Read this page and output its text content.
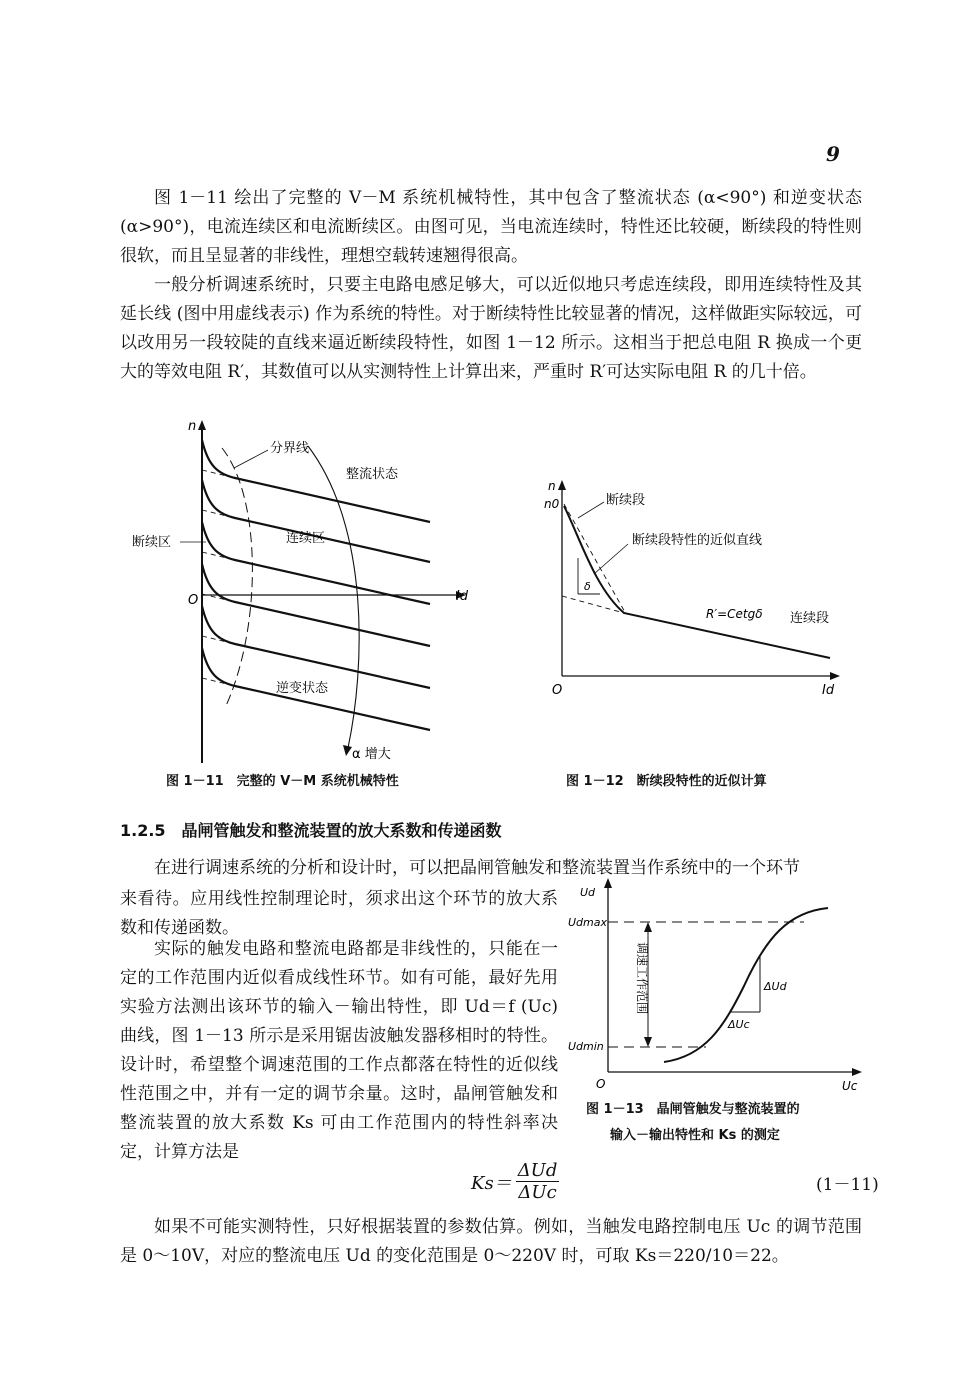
9

图 1－11 绘出了完整的 V－M 系统机械特性，其中包含了整流状态 (α<90°) 和逆变状态 (α>90°)，电流连续区和电流断续区。由图可见，当电流连续时，特性还比较硬，断续段的特性则很软，而且呈显著的非线性，理想空载转速翘得很高。

一般分析调速系统时，只要主电路电感足够大，可以近似地只考虑连续段，即用连续特性及其延长线 (图中用虚线表示) 作为系统的特性。对于断续特性比较显著的情况，这样做距实际较远，可以改用另一段较陡的直线来逼近断续段特性，如图 1－12 所示。这相当于把总电阻 R 换成一个更大的等效电阻 R′，其数值可以从实测特性上计算出来，严重时 R′可达实际电阻 R 的几十倍。

n
分界线
整流状态
断续区	连续区
O	Id
逆变状态
α 增大
图 1－11　完整的 V－M 系统机械特性
n
n0	断续段
断续段特性的近似直线
δ
R′=Cetgδ 连续段
O	Id
图 1－12　断续段特性的近似计算
1.2.5　晶闸管触发和整流装置的放大系数和传递函数

在进行调速系统的分析和设计时，可以把晶闸管触发和整流装置当作系统中的一个环节

来看待。应用线性控制理论时，须求出这个环节的放大系数和传递函数。

实际的触发电路和整流电路都是非线性的，只能在一定的工作范围内近似看成线性环节。如有可能，最好先用实验方法测出该环节的输入－输出特性，即 Ud＝f (Uc) 曲线，图 1－13 所示是采用锯齿波触发器移相时的特性。设计时，希望整个调速范围的工作点都落在特性的近似线性范围之中，并有一定的调节余量。这时，晶闸管触发和整流装置的放大系数 Ks 可由工作范围内的特性斜率决定，计算方法是

Ud
Udmax
Udmin
调速工作范围	ΔUd
ΔUc
O	Uc
图 1－13　晶闸管触发与整流装置的
输入－输出特性和 Ks 的测定
Ks＝	ΔUd
ΔUc	(1－11)

如果不可能实测特性，只好根据装置的参数估算。例如，当触发电路控制电压 Uc 的调节范围是 0～10V，对应的整流电压 Ud 的变化范围是 0～220V 时，可取 Ks＝220/10＝22。
